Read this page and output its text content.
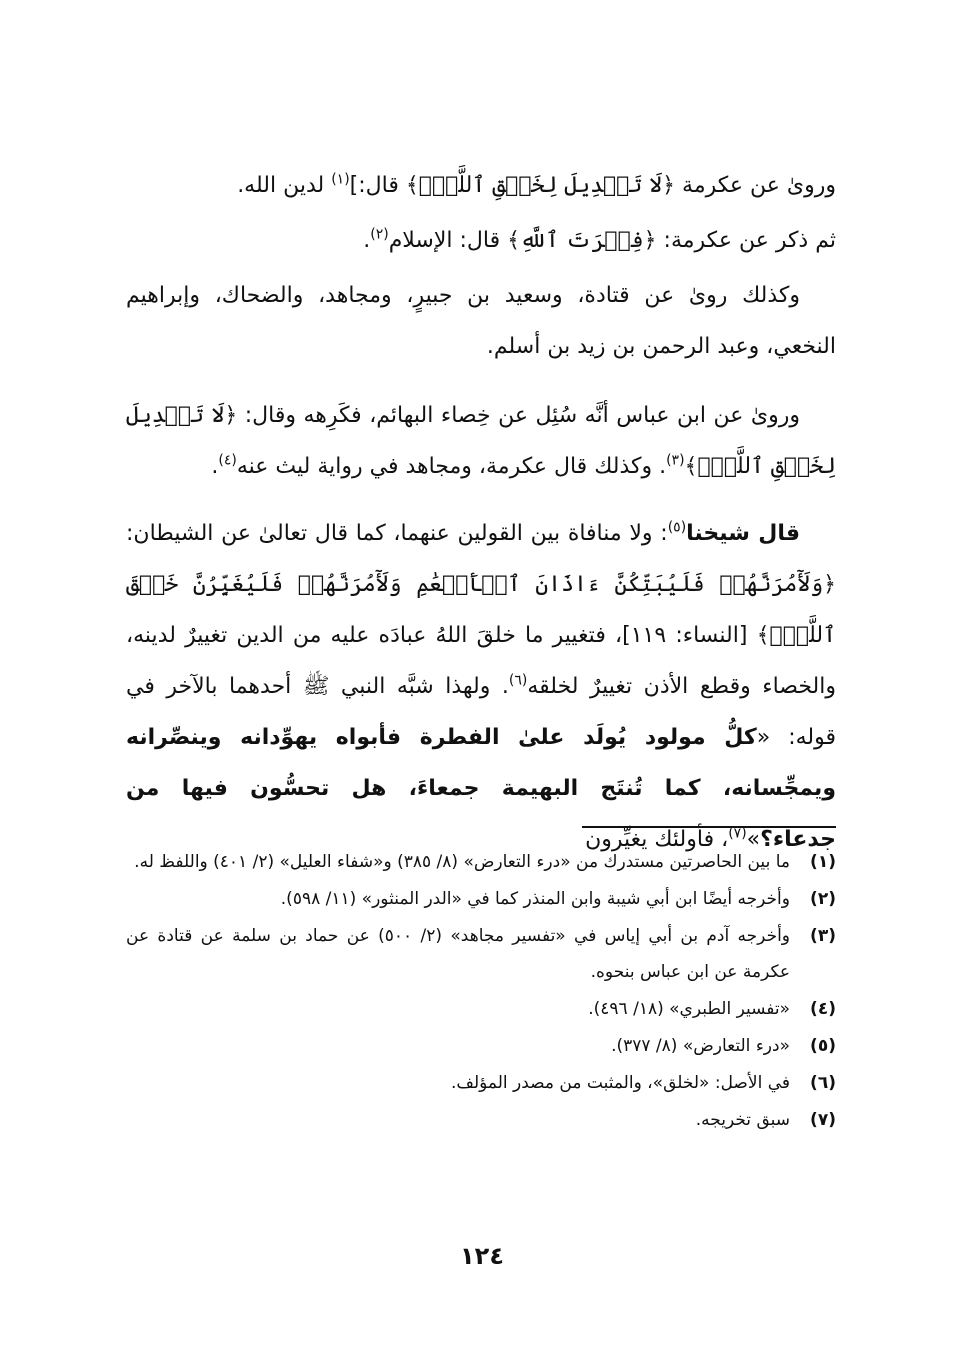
وروىٰ عن عكرمة ﴿لَا تَبۡدِيلَ لِخَلۡقِ ٱللَّهِۚ﴾ قال:]$^{(١)}$ لدين الله.

ثم ذكر عن عكرمة: ﴿فِطۡرَتَ ٱللَّهِ﴾ قال: الإسلام$^{(٢)}$.

وكذلك روىٰ عن قتادة، وسعيد بن جبيرٍ، ومجاهد، والضحاك، وإبراهيم النخعي، وعبد الرحمن بن زيد بن أسلم.

وروىٰ عن ابن عباس أنَّه سُئِل عن خِصاء البهائم، فكَرِهه وقال: ﴿لَا تَبۡدِيلَ لِخَلۡقِ ٱللَّهِۚ﴾$^{(٣)}$. وكذلك قال عكرمة، ومجاهد في رواية ليث عنه$^{(٤)}$.

قال شيخنا$^{(٥)}$: ولا منافاة بين القولين عنهما، كما قال تعالىٰ عن الشيطان: ﴿وَلَأٓمُرَنَّهُمۡ فَلَيُبَتِّكُنَّ ءَاذَانَ ٱلۡأَنۡعَٰمِ وَلَأٓمُرَنَّهُمۡ فَلَيُغَيِّرُنَّ خَلۡقَ ٱللَّهِۚ﴾ [النساء: ١١٩]، فتغيير ما خلقَ اللهُ عبادَه عليه من الدين تغييرٌ لدينه، والخصاء وقطع الأذن تغييرٌ لخلقه$^{(٦)}$. ولهذا شبَّه النبي ﷺ أحدهما بالآخر في قوله: «كلُّ مولود يُولَد علىٰ الفطرة فأبواه يهوِّدانه وينصِّرانه ويمجِّسانه، كما تُنتَج البهيمة جمعاءَ، هل تحسُّون فيها من جدعاء؟»$^{(٧)}$، فأولئك يغيِّرون

(١)
ما بين الحاصرتين مستدرك من «درء التعارض» (٨/ ٣٨٥) و«شفاء العليل» (٢/ ٤٠١) واللفظ له.
(٢)
وأخرجه أيضًا ابن أبي شيبة وابن المنذر كما في «الدر المنثور» (١١/ ٥٩٨).
(٣)
وأخرجه آدم بن أبي إياس في «تفسير مجاهد» (٢/ ٥٠٠) عن حماد بن سلمة عن قتادة عن عكرمة عن ابن عباس بنحوه.
(٤)
«تفسير الطبري» (١٨/ ٤٩٦).
(٥)
«درء التعارض» (٨/ ٣٧٧).
(٦)
في الأصل: «لخلق»، والمثبت من مصدر المؤلف.
(٧)
سبق تخريجه.
١٢٤
